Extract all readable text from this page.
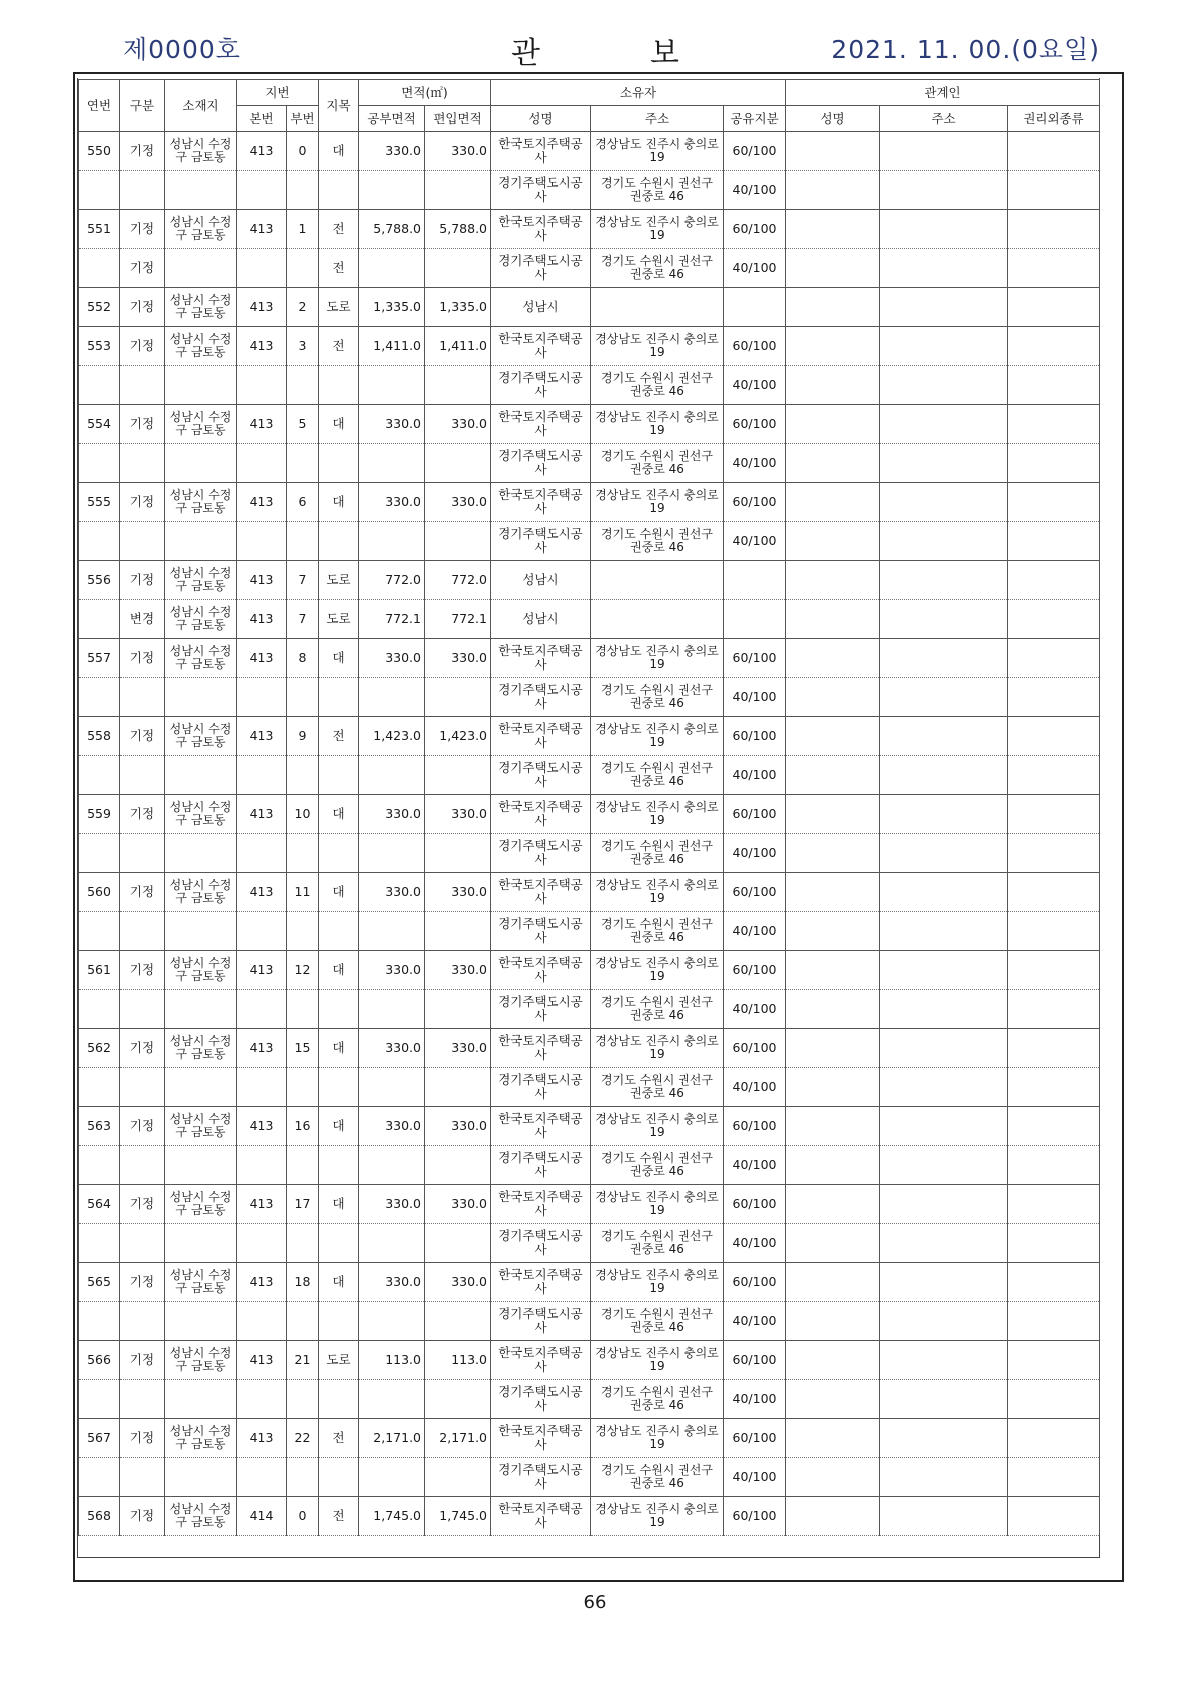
제0000호	관	보	2021. 11. 00.(0요일)
연번	구분	소재지	지번		지목	면적(㎡)		소유자			관계인		
			본번	부번		공부면적	편입면적	성명	주소	공유지분	성명	주소	권리외종류
550	기정	성남시 수정구 금토동	413	0	대	330.0	330.0	한국토지주택공사	경상남도 진주시 충의로 19	60/100			
								경기주택도시공사	경기도 수원시 권선구 권중로 46	40/100			
551	기정	성남시 수정구 금토동	413	1	전	5,788.0	5,788.0	한국토지주택공사	경상남도 진주시 충의로 19	60/100			
	기정				전			경기주택도시공사	경기도 수원시 권선구 권중로 46	40/100			
552	기정	성남시 수정구 금토동	413	2	도로	1,335.0	1,335.0	성남시					
553	기정	성남시 수정구 금토동	413	3	전	1,411.0	1,411.0	한국토지주택공사	경상남도 진주시 충의로 19	60/100			
								경기주택도시공사	경기도 수원시 권선구 권중로 46	40/100			
554	기정	성남시 수정구 금토동	413	5	대	330.0	330.0	한국토지주택공사	경상남도 진주시 충의로 19	60/100			
								경기주택도시공사	경기도 수원시 권선구 권중로 46	40/100			
555	기정	성남시 수정구 금토동	413	6	대	330.0	330.0	한국토지주택공사	경상남도 진주시 충의로 19	60/100			
								경기주택도시공사	경기도 수원시 권선구 권중로 46	40/100			
556	기정	성남시 수정구 금토동	413	7	도로	772.0	772.0	성남시					
	변경	성남시 수정구 금토동	413	7	도로	772.1	772.1	성남시					
557	기정	성남시 수정구 금토동	413	8	대	330.0	330.0	한국토지주택공사	경상남도 진주시 충의로 19	60/100			
								경기주택도시공사	경기도 수원시 권선구 권중로 46	40/100			
558	기정	성남시 수정구 금토동	413	9	전	1,423.0	1,423.0	한국토지주택공사	경상남도 진주시 충의로 19	60/100			
								경기주택도시공사	경기도 수원시 권선구 권중로 46	40/100			
559	기정	성남시 수정구 금토동	413	10	대	330.0	330.0	한국토지주택공사	경상남도 진주시 충의로 19	60/100			
								경기주택도시공사	경기도 수원시 권선구 권중로 46	40/100			
560	기정	성남시 수정구 금토동	413	11	대	330.0	330.0	한국토지주택공사	경상남도 진주시 충의로 19	60/100			
								경기주택도시공사	경기도 수원시 권선구 권중로 46	40/100			
561	기정	성남시 수정구 금토동	413	12	대	330.0	330.0	한국토지주택공사	경상남도 진주시 충의로 19	60/100			
								경기주택도시공사	경기도 수원시 권선구 권중로 46	40/100			
562	기정	성남시 수정구 금토동	413	15	대	330.0	330.0	한국토지주택공사	경상남도 진주시 충의로 19	60/100			
								경기주택도시공사	경기도 수원시 권선구 권중로 46	40/100			
563	기정	성남시 수정구 금토동	413	16	대	330.0	330.0	한국토지주택공사	경상남도 진주시 충의로 19	60/100			
								경기주택도시공사	경기도 수원시 권선구 권중로 46	40/100			
564	기정	성남시 수정구 금토동	413	17	대	330.0	330.0	한국토지주택공사	경상남도 진주시 충의로 19	60/100			
								경기주택도시공사	경기도 수원시 권선구 권중로 46	40/100			
565	기정	성남시 수정구 금토동	413	18	대	330.0	330.0	한국토지주택공사	경상남도 진주시 충의로 19	60/100			
								경기주택도시공사	경기도 수원시 권선구 권중로 46	40/100			
566	기정	성남시 수정구 금토동	413	21	도로	113.0	113.0	한국토지주택공사	경상남도 진주시 충의로 19	60/100			
								경기주택도시공사	경기도 수원시 권선구 권중로 46	40/100			
567	기정	성남시 수정구 금토동	413	22	전	2,171.0	2,171.0	한국토지주택공사	경상남도 진주시 충의로 19	60/100			
								경기주택도시공사	경기도 수원시 권선구 권중로 46	40/100			
568	기정	성남시 수정구 금토동	414	0	전	1,745.0	1,745.0	한국토지주택공사	경상남도 진주시 충의로 19	60/100			
66
